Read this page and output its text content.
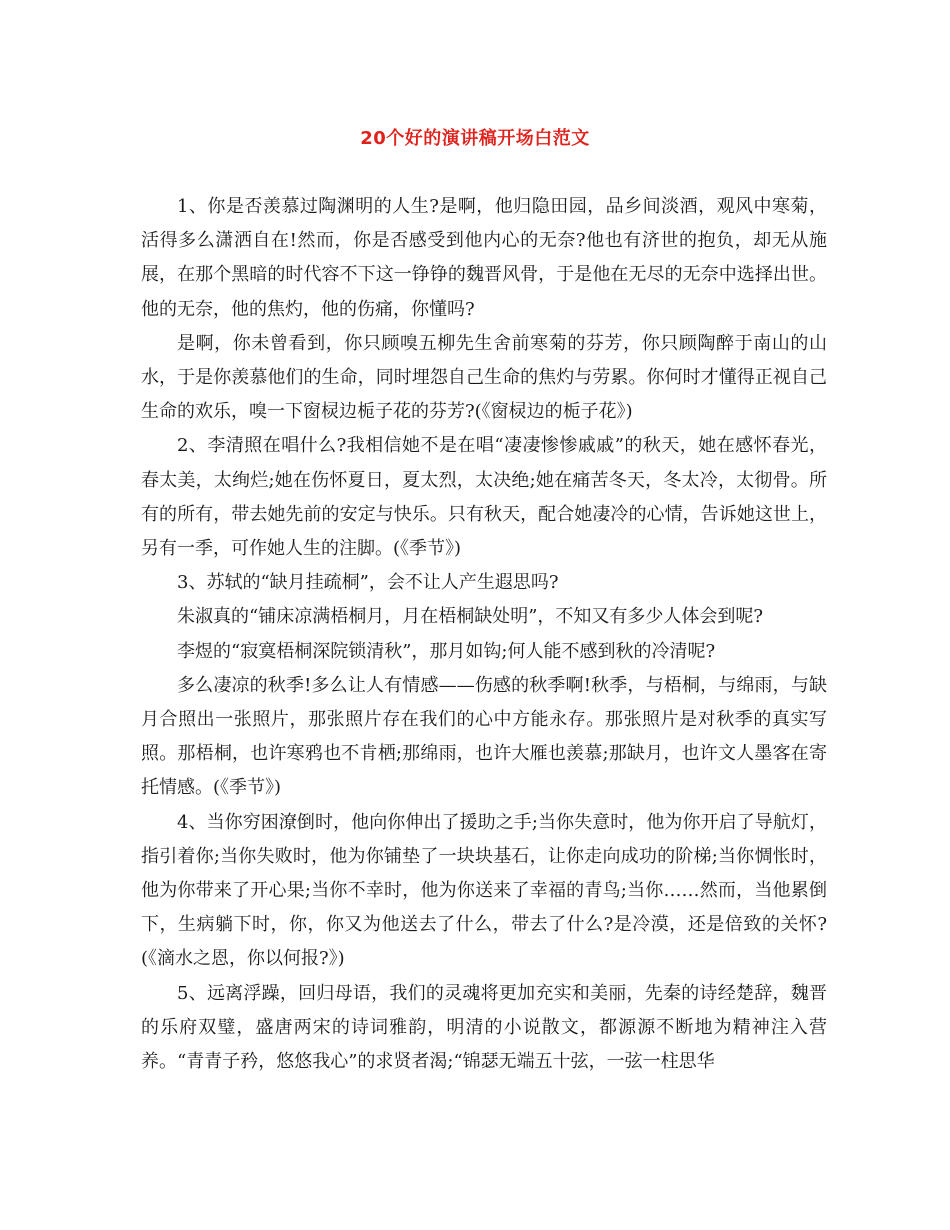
20个好的演讲稿开场白范文

1、你是否羡慕过陶渊明的人生?是啊，他归隐田园，品乡间淡酒，观风中寒菊，活得多么潇洒自在!然而，你是否感受到他内心的无奈?他也有济世的抱负，却无从施展，在那个黑暗的时代容不下这一铮铮的魏晋风骨，于是他在无尽的无奈中选择出世。他的无奈，他的焦灼，他的伤痛，你懂吗?

是啊，你未曾看到，你只顾嗅五柳先生舍前寒菊的芬芳，你只顾陶醉于南山的山水，于是你羡慕他们的生命，同时埋怨自己生命的焦灼与劳累。你何时才懂得正视自己生命的欢乐，嗅一下窗棂边栀子花的芬芳?(《窗棂边的栀子花》)

2、李清照在唱什么?我相信她不是在唱“凄凄惨惨戚戚”的秋天，她在感怀春光，春太美，太绚烂;她在伤怀夏日，夏太烈，太决绝;她在痛苦冬天，冬太冷，太彻骨。所有的所有，带去她先前的安定与快乐。只有秋天，配合她凄冷的心情，告诉她这世上，另有一季，可作她人生的注脚。(《季节》)

3、苏轼的“缺月挂疏桐”，会不让人产生遐思吗?

朱淑真的“铺床凉满梧桐月，月在梧桐缺处明”，不知又有多少人体会到呢?

李煜的“寂寞梧桐深院锁清秋”，那月如钩;何人能不感到秋的冷清呢?

多么凄凉的秋季!多么让人有情感——伤感的秋季啊!秋季，与梧桐，与绵雨，与缺月合照出一张照片，那张照片存在我们的心中方能永存。那张照片是对秋季的真实写照。那梧桐，也许寒鸦也不肯栖;那绵雨，也许大雁也羡慕;那缺月，也许文人墨客在寄托情感。(《季节》)

4、当你穷困潦倒时，他向你伸出了援助之手;当你失意时，他为你开启了导航灯，指引着你;当你失败时，他为你铺垫了一块块基石，让你走向成功的阶梯;当你惆怅时，他为你带来了开心果;当你不幸时，他为你送来了幸福的青鸟;当你……然而，当他累倒下，生病躺下时，你，你又为他送去了什么，带去了什么?是冷漠，还是倍致的关怀?(《滴水之恩，你以何报?》)

5、远离浮躁，回归母语，我们的灵魂将更加充实和美丽，先秦的诗经楚辞，魏晋的乐府双璧，盛唐两宋的诗词雅韵，明清的小说散文，都源源不断地为精神注入营养。“青青子矜，悠悠我心”的求贤者渴;“锦瑟无端五十弦，一弦一柱思华
